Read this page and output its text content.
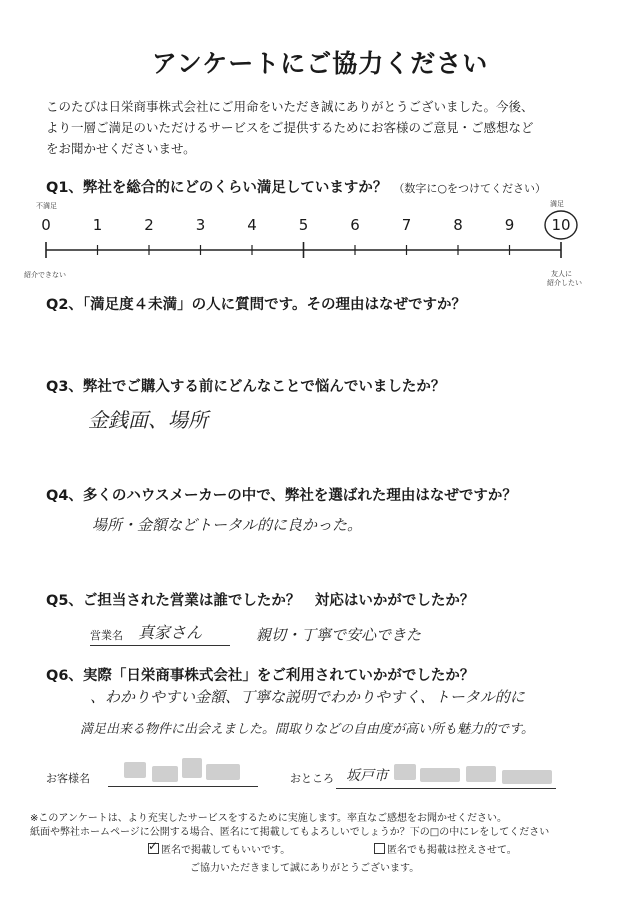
アンケートにご協力ください
このたびは日栄商事株式会社にご用命をいただき誠にありがとうございました。今後、
より一層ご満足のいただけるサービスをご提供するためにお客様のご意見・ご感想など
をお聞かせくださいませ。
Q1、弊社を総合的にどのくらい満足していますか？ （数字に○をつけてください）
不満足	満足
0	1	2	3	4	5	6	7	8	9 10
紹介できない	友人に
紹介したい
Q2、「満足度４未満」の人に質問です。その理由はなぜですか？
Q3、弊社でご購入する前にどんなことで悩んでいましたか？
金銭面、場所
Q4、多くのハウスメーカーの中で、弊社を選ばれた理由はなぜですか？
場所・金額などトータル的に良かった。
Q5、ご担当された営業は誰でしたか？　対応はいかがでしたか？
営業名 真家さん	親切・丁寧で安心できた
Q6、実際「日栄商事株式会社」をご利用されていかがでしたか？
、わかりやすい金額、丁寧な説明でわかりやすく、トータル的に
満足出来る物件に出会えました。間取りなどの自由度が高い所も魅力的です。
お客様名	おところ 坂戸市
※このアンケートは、より充実したサービスをするために実施します。率直なご感想をお聞かせください。
紙面や弊社ホームページに公開する場合、匿名にて掲載してもよろしいでしょうか？下の□の中にレをしてください
✓匿名で掲載してもいいです。	匿名でも掲載は控えさせて。
ご協力いただきまして誠にありがとうございます。
